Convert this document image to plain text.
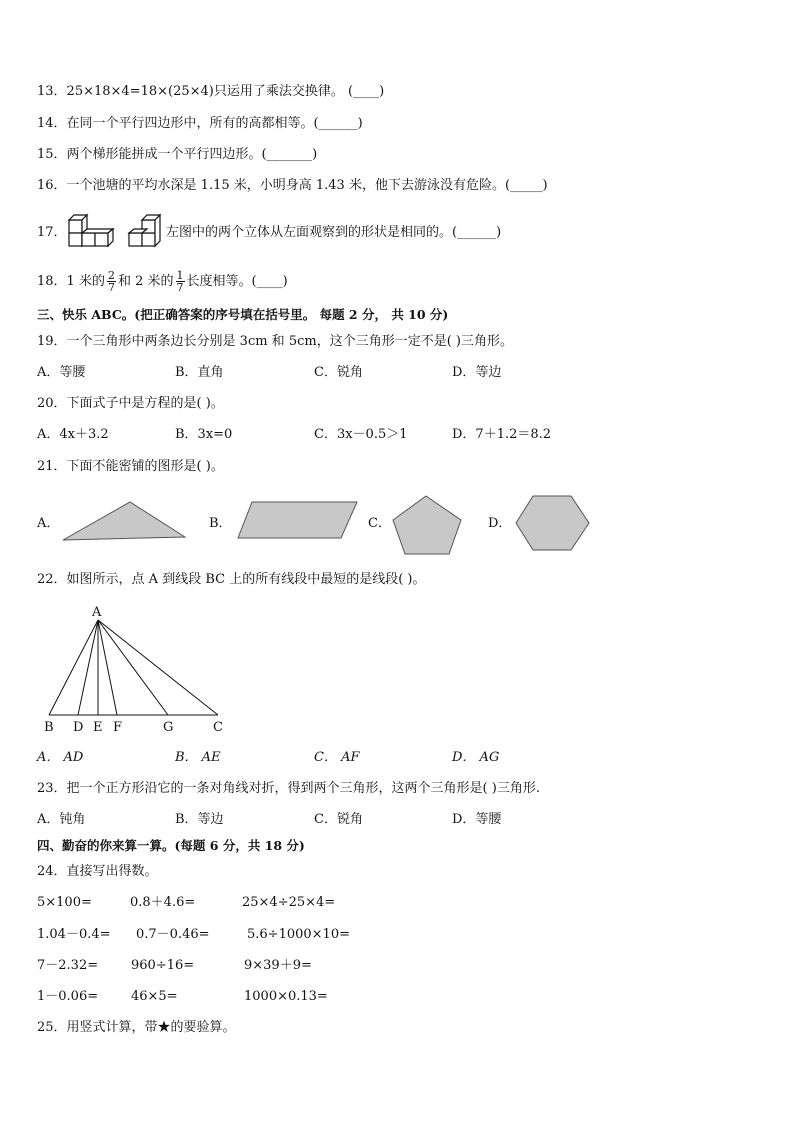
13．25×18×4=18×(25×4)只运用了乘法交换律。 (____)
14．在同一个平行四边形中，所有的高都相等。(______)
15．两个梯形能拼成一个平行四边形。(_______)
16．一个池塘的平均水深是 1.15 米，小明身高 1.43 米，他下去游泳没有危险。(_____)
17．	左图中的两个立体从左面观察到的形状是相同的。(______)
18．1 米的 $\frac{2}{7}$ 和 2 米的 $\frac{1}{7}$ 长度相等。(____)
三、快乐 ABC。(把正确答案的序号填在括号里。 每题 2 分， 共 10 分)
19．一个三角形中两条边长分别是 3cm 和 5cm，这个三角形一定不是( )三角形。
A．等腰	B．直角	C．锐角	D．等边
20．下面式子中是方程的是( )。
A．4x＋3.2	B．3x=0	C．3x－0.5＞1	D．7＋1.2＝8.2
21．下面不能密铺的图形是( )。
A．	B．	C．	D．
22．如图所示，点 A 到线段 BC 上的所有线段中最短的是线段( )。
A
B D E F	G	C
A． AD	B． AE	C． AF	D． AG
23．把一个正方形沿它的一条对角线对折，得到两个三角形，这两个三角形是( )三角形.
A．钝角	B．等边	C．锐角	D．等腰
四、勤奋的你来算一算。(每题 6 分，共 18 分)
24．直接写出得数。
5×100=	0.8＋4.6=	25×4÷25×4=
1.04－0.4= 0.7－0.46=	5.6÷1000×10=
7－2.32=	960÷16=	9×39＋9=
1－0.06=	46×5=	1000×0.13=
25．用竖式计算，带★的要验算。
